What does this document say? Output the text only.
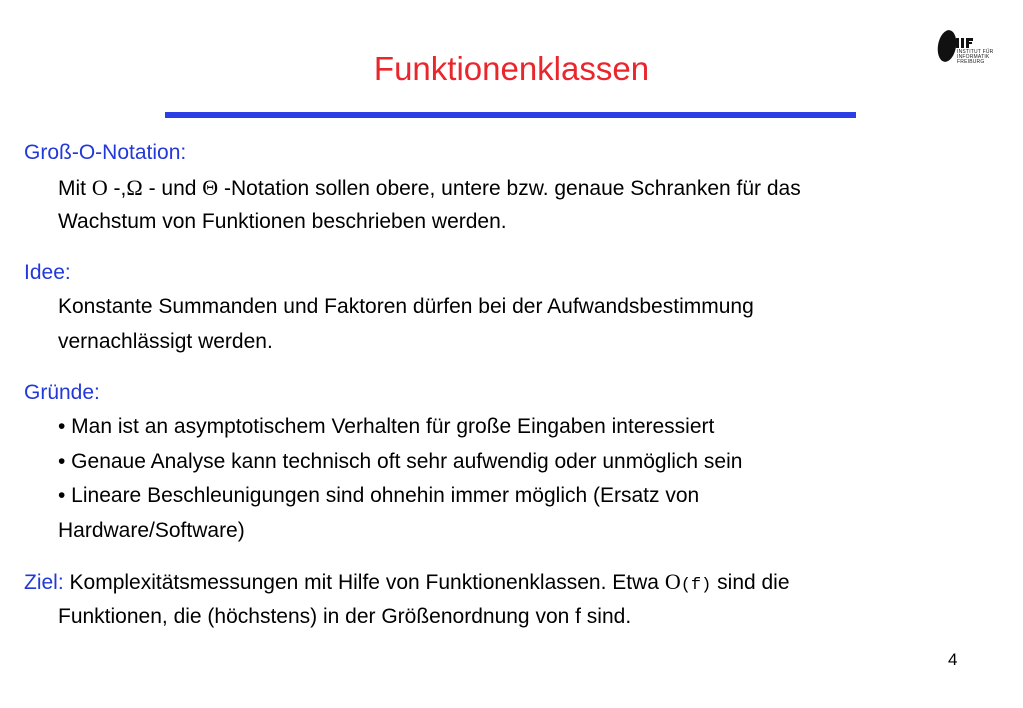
Funktionenklassen	INSTITUT FÜR
INFORMATIK
FREIBURG
Groß-O-Notation:
Mit O -,Ω - und Θ -Notation sollen obere, untere bzw. genaue Schranken für das
Wachstum von Funktionen beschrieben werden.
Idee:
Konstante Summanden und Faktoren dürfen bei der Aufwandsbestimmung
vernachlässigt werden.
Gründe:
• Man ist an asymptotischem Verhalten für große Eingaben interessiert
• Genaue Analyse kann technisch oft sehr aufwendig oder unmöglich sein
• Lineare Beschleunigungen sind ohnehin immer möglich (Ersatz von
Hardware/Software)
Ziel: Komplexitätsmessungen mit Hilfe von Funktionenklassen. Etwa O(f) sind die
Funktionen, die (höchstens) in der Größenordnung von f sind.
4
